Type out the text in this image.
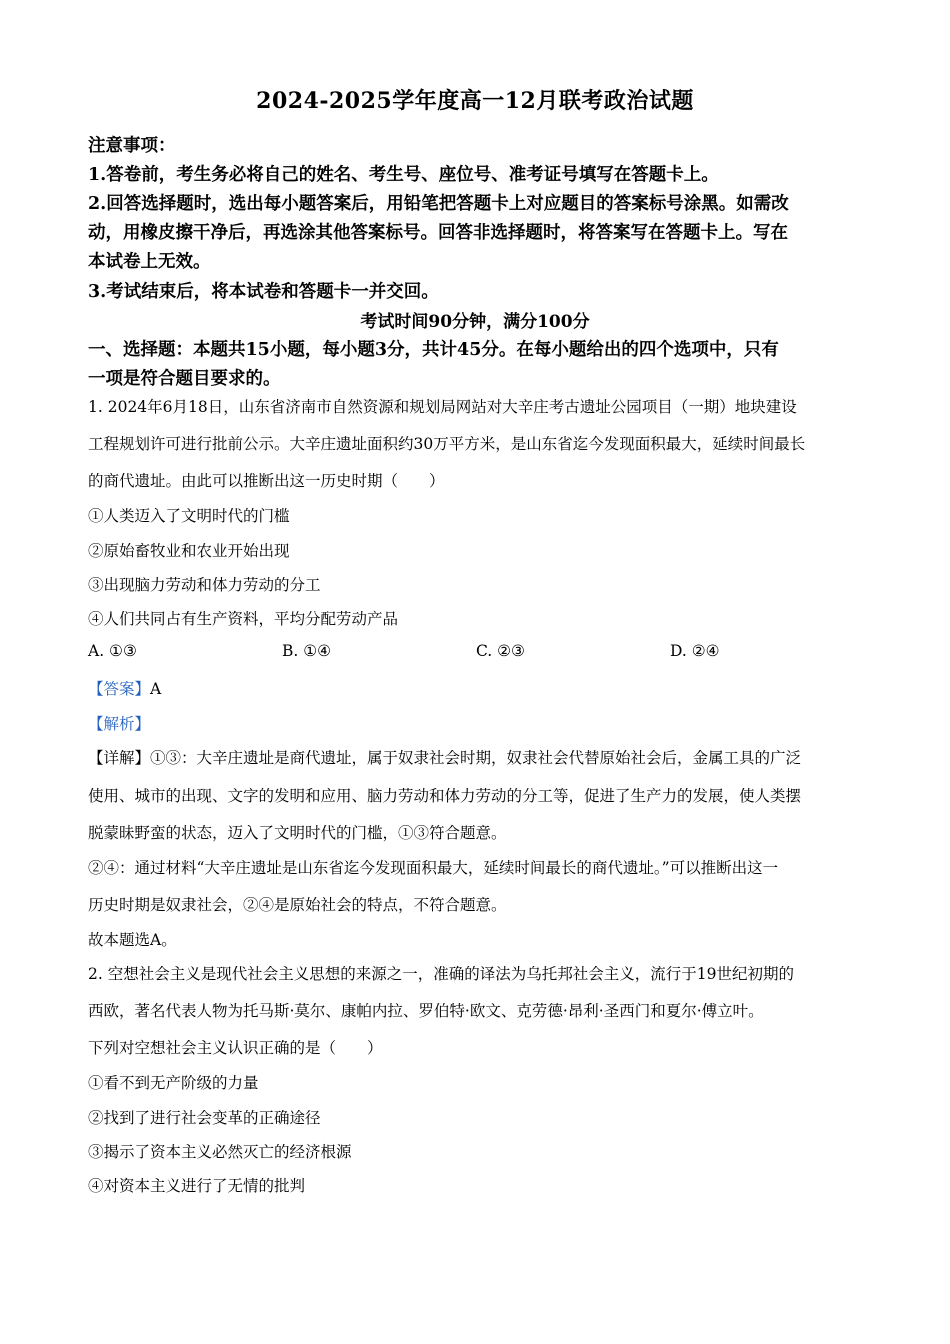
2024-2025学年度高一12月联考政治试题
注意事项：
1.答卷前，考生务必将自己的姓名、考生号、座位号、准考证号填写在答题卡上。
2.回答选择题时，选出每小题答案后，用铅笔把答题卡上对应题目的答案标号涂黑。如需改
动，用橡皮擦干净后，再选涂其他答案标号。回答非选择题时，将答案写在答题卡上。写在
本试卷上无效。
3.考试结束后，将本试卷和答题卡一并交回。
考试时间90分钟，满分100分
一、选择题：本题共15小题，每小题3分，共计45分。在每小题给出的四个选项中，只有
一项是符合题目要求的。
1. 2024年6月18日，山东省济南市自然资源和规划局网站对大辛庄考古遗址公园项目（一期）地块建设
工程规划许可进行批前公示。大辛庄遗址面积约30万平方米，是山东省迄今发现面积最大，延续时间最长
的商代遗址。由此可以推断出这一历史时期（　　）
①人类迈入了文明时代的门槛
②原始畜牧业和农业开始出现
③出现脑力劳动和体力劳动的分工
④人们共同占有生产资料，平均分配劳动产品
A. ①③	B. ①④	C. ②③	D. ②④
【答案】A
【解析】
【详解】①③：大辛庄遗址是商代遗址，属于奴隶社会时期，奴隶社会代替原始社会后，金属工具的广泛
使用、城市的出现、文字的发明和应用、脑力劳动和体力劳动的分工等，促进了生产力的发展，使人类摆
脱蒙昧野蛮的状态，迈入了文明时代的门槛，①③符合题意。
②④：通过材料“大辛庄遗址是山东省迄今发现面积最大，延续时间最长的商代遗址。”可以推断出这一
历史时期是奴隶社会，②④是原始社会的特点，不符合题意。
故本题选A。
2. 空想社会主义是现代社会主义思想的来源之一，准确的译法为乌托邦社会主义，流行于19世纪初期的
西欧，著名代表人物为托马斯·莫尔、康帕内拉、罗伯特·欧文、克劳德·昂利·圣西门和夏尔·傅立叶。
下列对空想社会主义认识正确的是（　　）
①看不到无产阶级的力量
②找到了进行社会变革的正确途径
③揭示了资本主义必然灭亡的经济根源
④对资本主义进行了无情的批判
